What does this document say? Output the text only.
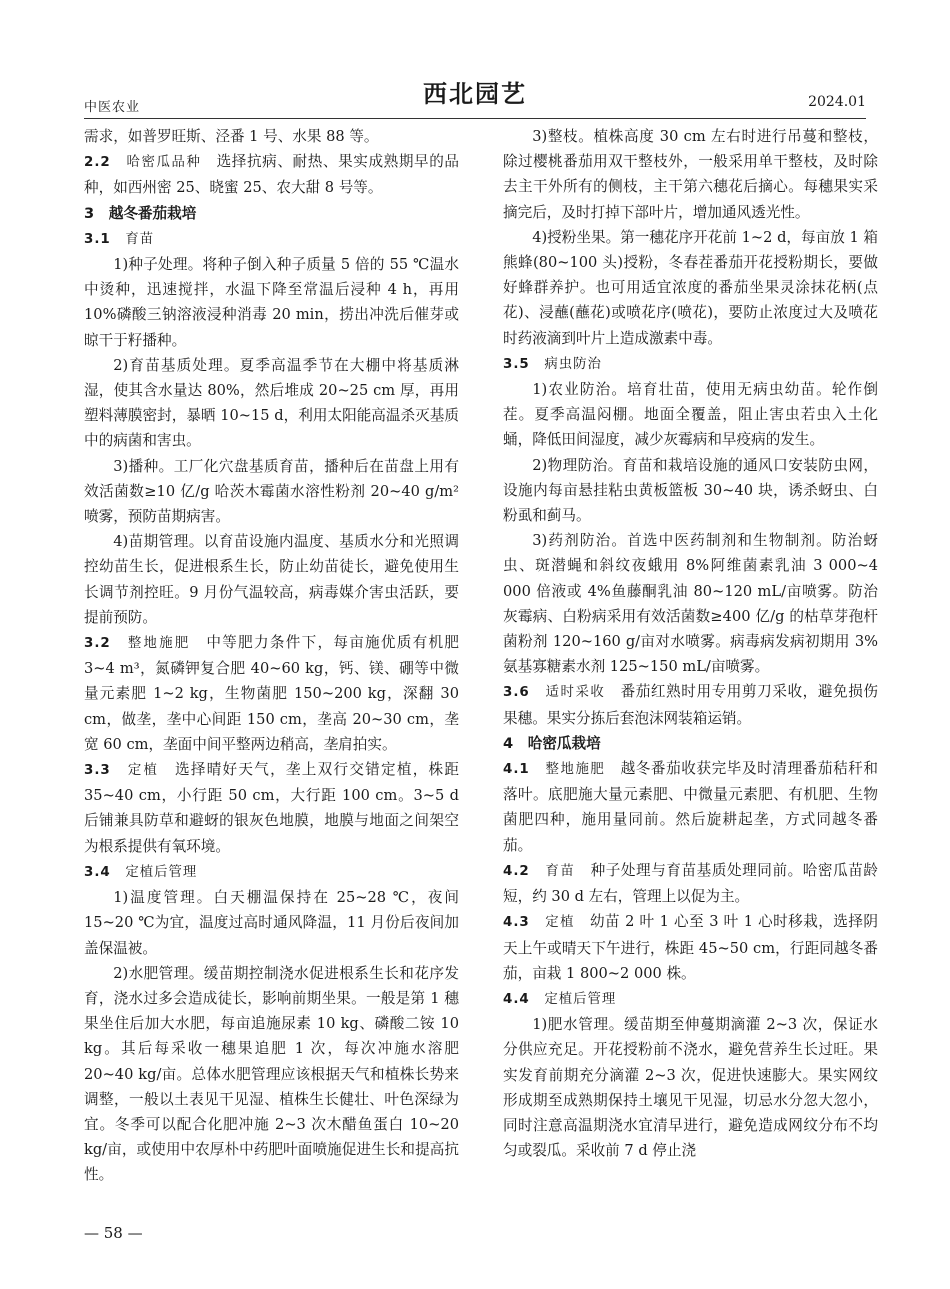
中医农业	西北园艺	2024.01

需求，如普罗旺斯、泾番 1 号、水果 88 等。

2.2　 哈密瓜品种　 选择抗病、耐热、果实成熟期早的品种，如西州密 25、晓蜜 25、农大甜 8 号等。

3　越冬番茄栽培

3.1　 育苗

1)种子处理。将种子倒入种子质量 5 倍的 55 ℃温水中烫种，迅速搅拌，水温下降至常温后浸种 4 h，再用 10%磷酸三钠溶液浸种消毒 20 min，捞出冲洗后催芽或晾干于籽播种。

2)育苗基质处理。夏季高温季节在大棚中将基质淋湿，使其含水量达 80%，然后堆成 20~25 cm 厚，再用塑料薄膜密封，暴晒 10~15 d，利用太阳能高温杀灭基质中的病菌和害虫。

3)播种。工厂化穴盘基质育苗，播种后在苗盘上用有效活菌数≥10 亿/g 哈茨木霉菌水溶性粉剂 20~40 g/m² 喷雾，预防苗期病害。

4)苗期管理。以育苗设施内温度、基质水分和光照调控幼苗生长，促进根系生长，防止幼苗徒长，避免使用生长调节剂控旺。9 月份气温较高，病毒媒介害虫活跃，要提前预防。

3.2　 整地施肥　 中等肥力条件下，每亩施优质有机肥 3~4 m³，氮磷钾复合肥 40~60 kg，钙、镁、硼等中微量元素肥 1~2 kg，生物菌肥 150~200 kg，深翻 30 cm，做垄，垄中心间距 150 cm，垄高 20~30 cm，垄宽 60 cm，垄面中间平整两边稍高，垄肩拍实。

3.3　 定植　 选择晴好天气，垄上双行交错定植，株距 35~40 cm，小行距 50 cm，大行距 100 cm。3~5 d 后铺兼具防草和避蚜的银灰色地膜，地膜与地面之间架空为根系提供有氧环境。

3.4　 定植后管理

1)温度管理。白天棚温保持在 25~28 ℃，夜间 15~20 ℃为宜，温度过高时通风降温，11 月份后夜间加盖保温被。

2)水肥管理。缓苗期控制浇水促进根系生长和花序发育，浇水过多会造成徒长，影响前期坐果。一般是第 1 穗果坐住后加大水肥，每亩追施尿素 10 kg、磷酸二铵 10 kg。其后每采收一穗果追肥 1 次，每次冲施水溶肥 20~40 kg/亩。总体水肥管理应该根据天气和植株长势来调整，一般以土表见干见湿、植株生长健壮、叶色深绿为宜。冬季可以配合化肥冲施 2~3 次木醋鱼蛋白 10~20 kg/亩，或使用中农厚朴中药肥叶面喷施促进生长和提高抗性。

3)整枝。植株高度 30 cm 左右时进行吊蔓和整枝，除过樱桃番茄用双干整枝外，一般采用单干整枝，及时除去主干外所有的侧枝，主干第六穗花后摘心。每穗果实采摘完后，及时打掉下部叶片，增加通风透光性。

4)授粉坐果。第一穗花序开花前 1~2 d，每亩放 1 箱熊蜂(80~100 头)授粉，冬春茬番茄开花授粉期长，要做好蜂群养护。也可用适宜浓度的番茄坐果灵涂抹花柄(点花)、浸蘸(蘸花)或喷花序(喷花)，要防止浓度过大及喷花时药液滴到叶片上造成激素中毒。

3.5　 病虫防治

1)农业防治。培育壮苗，使用无病虫幼苗。轮作倒茬。夏季高温闷棚。地面全覆盖，阻止害虫若虫入土化蛹，降低田间湿度，减少灰霉病和早疫病的发生。

2)物理防治。育苗和栽培设施的通风口安装防虫网，设施内每亩悬挂粘虫黄板篮板 30~40 块，诱杀蚜虫、白粉虱和蓟马。

3)药剂防治。首选中医药制剂和生物制剂。防治蚜虫、斑潜蝇和斜纹夜蛾用 8%阿维菌素乳油 3 000~4 000 倍液或 4%鱼藤酮乳油 80~120 mL/亩喷雾。防治灰霉病、白粉病采用有效活菌数≥400 亿/g 的枯草芽孢杆菌粉剂 120~160 g/亩对水喷雾。病毒病发病初期用 3%氨基寡糖素水剂 125~150 mL/亩喷雾。

3.6　 适时采收　 番茄红熟时用专用剪刀采收，避免损伤果穗。果实分拣后套泡沫网装箱运销。

4　哈密瓜栽培

4.1　 整地施肥　 越冬番茄收获完毕及时清理番茄秸秆和落叶。底肥施大量元素肥、中微量元素肥、有机肥、生物菌肥四种，施用量同前。然后旋耕起垄，方式同越冬番茄。

4.2　 育苗　 种子处理与育苗基质处理同前。哈密瓜苗龄短，约 30 d 左右，管理上以促为主。

4.3　 定植　 幼苗 2 叶 1 心至 3 叶 1 心时移栽，选择阴天上午或晴天下午进行，株距 45~50 cm，行距同越冬番茄，亩栽 1 800~2 000 株。

4.4　 定植后管理

1)肥水管理。缓苗期至伸蔓期滴灌 2~3 次，保证水分供应充足。开花授粉前不浇水，避免营养生长过旺。果实发育前期充分滴灌 2~3 次，促进快速膨大。果实网纹形成期至成熟期保持土壤见干见湿，切忌水分忽大忽小，同时注意高温期浇水宜清早进行，避免造成网纹分布不均匀或裂瓜。采收前 7 d 停止浇

— 58 —
